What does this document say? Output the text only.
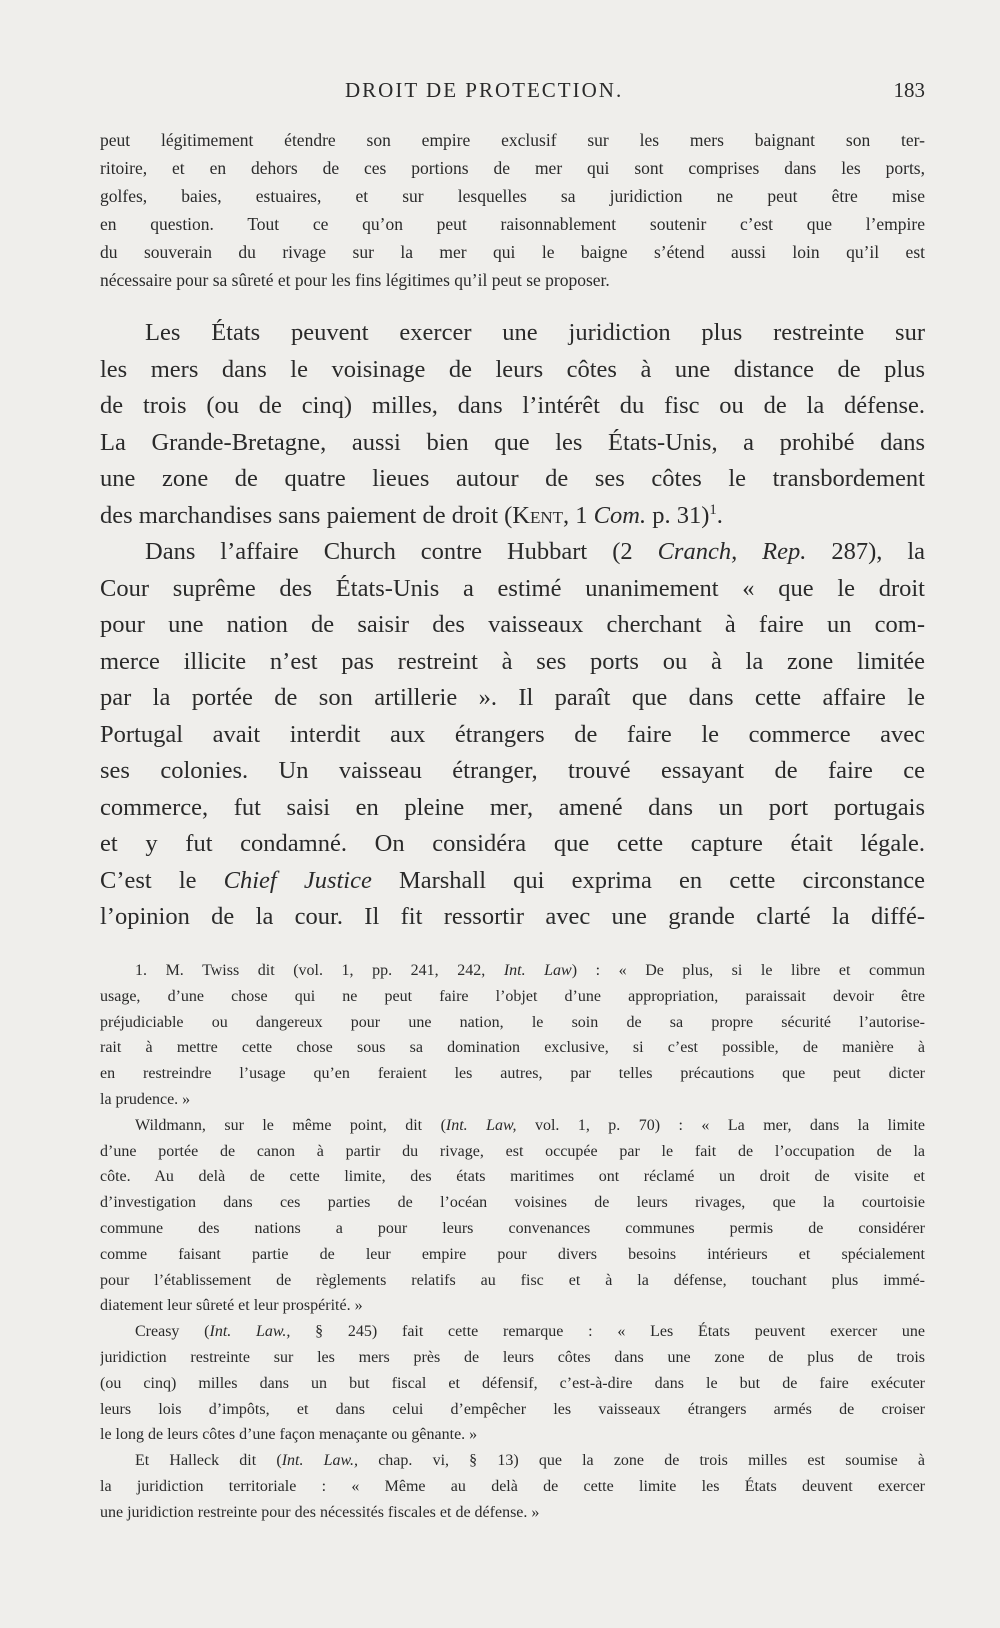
DROIT DE PROTECTION.	183
peut légitimement étendre son empire exclusif sur les mers baignant son ter-
ritoire, et en dehors de ces portions de mer qui sont comprises dans les ports,
golfes, baies, estuaires, et sur lesquelles sa juridiction ne peut être mise
en question. Tout ce qu’on peut raisonnablement soutenir c’est que l’empire
du souverain du rivage sur la mer qui le baigne s’étend aussi loin qu’il est
nécessaire pour sa sûreté et pour les fins légitimes qu’il peut se proposer.
Les États peuvent exercer une juridiction plus restreinte sur
les mers dans le voisinage de leurs côtes à une distance de plus
de trois (ou de cinq) milles, dans l’intérêt du fisc ou de la défense.
La Grande-Bretagne, aussi bien que les États-Unis, a prohibé dans
une zone de quatre lieues autour de ses côtes le transbordement
des marchandises sans paiement de droit (Kent, 1 Com. p. 31)$^1$.
Dans l’affaire Church contre Hubbart (2 Cranch, Rep. 287), la
Cour suprême des États-Unis a estimé unanimement « que le droit
pour une nation de saisir des vaisseaux cherchant à faire un com-
merce illicite n’est pas restreint à ses ports ou à la zone limitée
par la portée de son artillerie ». Il paraît que dans cette affaire le
Portugal avait interdit aux étrangers de faire le commerce avec
ses colonies. Un vaisseau étranger, trouvé essayant de faire ce
commerce, fut saisi en pleine mer, amené dans un port portugais
et y fut condamné. On considéra que cette capture était légale.
C’est le Chief Justice Marshall qui exprima en cette circonstance
l’opinion de la cour. Il fit ressortir avec une grande clarté la diffé-
1. M. Twiss dit (vol. 1, pp. 241, 242, Int. Law) : « De plus, si le libre et commun
usage, d’une chose qui ne peut faire l’objet d’une appropriation, paraissait devoir être
préjudiciable ou dangereux pour une nation, le soin de sa propre sécurité l’autorise-
rait à mettre cette chose sous sa domination exclusive, si c’est possible, de manière à
en restreindre l’usage qu’en feraient les autres, par telles précautions que peut dicter
la prudence. »
Wildmann, sur le même point, dit (Int. Law, vol. 1, p. 70) : « La mer, dans la limite
d’une portée de canon à partir du rivage, est occupée par le fait de l’occupation de la
côte. Au delà de cette limite, des états maritimes ont réclamé un droit de visite et
d’investigation dans ces parties de l’océan voisines de leurs rivages, que la courtoisie
commune des nations a pour leurs convenances communes permis de considérer
comme faisant partie de leur empire pour divers besoins intérieurs et spécialement
pour l’établissement de règlements relatifs au fisc et à la défense, touchant plus immé-
diatement leur sûreté et leur prospérité. »
Creasy (Int. Law., § 245) fait cette remarque : « Les États peuvent exercer une
juridiction restreinte sur les mers près de leurs côtes dans une zone de plus de trois
(ou cinq) milles dans un but fiscal et défensif, c’est-à-dire dans le but de faire exécuter
leurs lois d’impôts, et dans celui d’empêcher les vaisseaux étrangers armés de croiser
le long de leurs côtes d’une façon menaçante ou gênante. »
Et Halleck dit (Int. Law., chap. vi, § 13) que la zone de trois milles est soumise à
la juridiction territoriale : « Même au delà de cette limite les États deuvent exercer
une juridiction restreinte pour des nécessités fiscales et de défense. »
